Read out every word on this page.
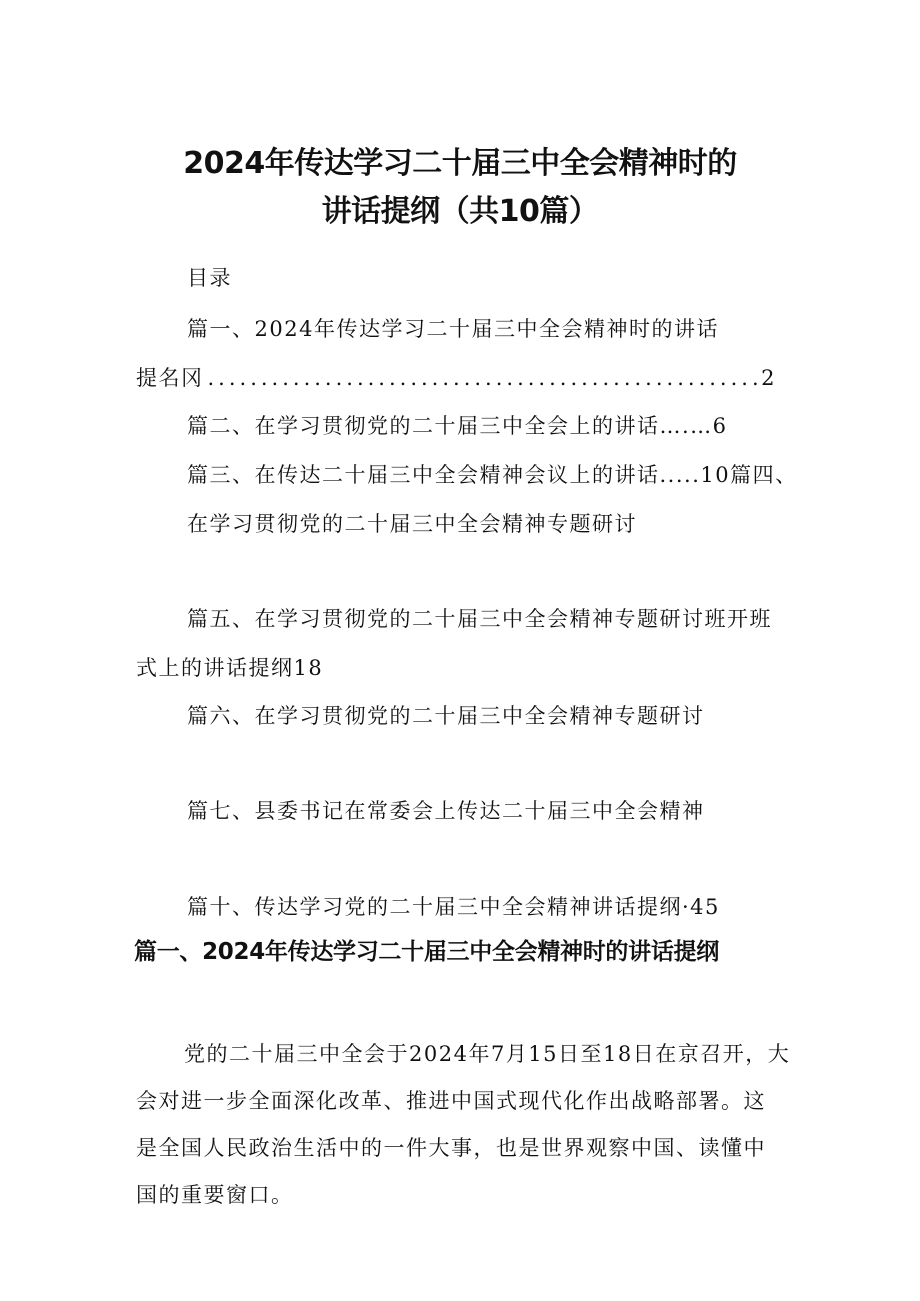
2024年传达学习二十届三中全会精神时的
讲话提纲（共10篇）
目录
篇一、2024年传达学习二十届三中全会精神时的讲话
提名冈
.....	2
篇二、在学习贯彻党的二十届三中全会上的讲话….…6
篇三、在传达二十届三中全会精神会议上的讲话.....10篇四、
在学习贯彻党的二十届三中全会精神专题研讨
篇五、在学习贯彻党的二十届三中全会精神专题研讨班开班
式上的讲话提纲18
篇六、在学习贯彻党的二十届三中全会精神专题研讨
篇七、县委书记在常委会上传达二十届三中全会精神
篇十、传达学习党的二十届三中全会精神讲话提纲·45
篇一、2024年传达学习二十届三中全会精神时的讲话提纲
党的二十届三中全会于2024年7月15日至18日在京召开，大
会对进一步全面深化改革、推进中国式现代化作出战略部署。这
是全国人民政治生活中的一件大事，也是世界观察中国、读懂中
国的重要窗口。
